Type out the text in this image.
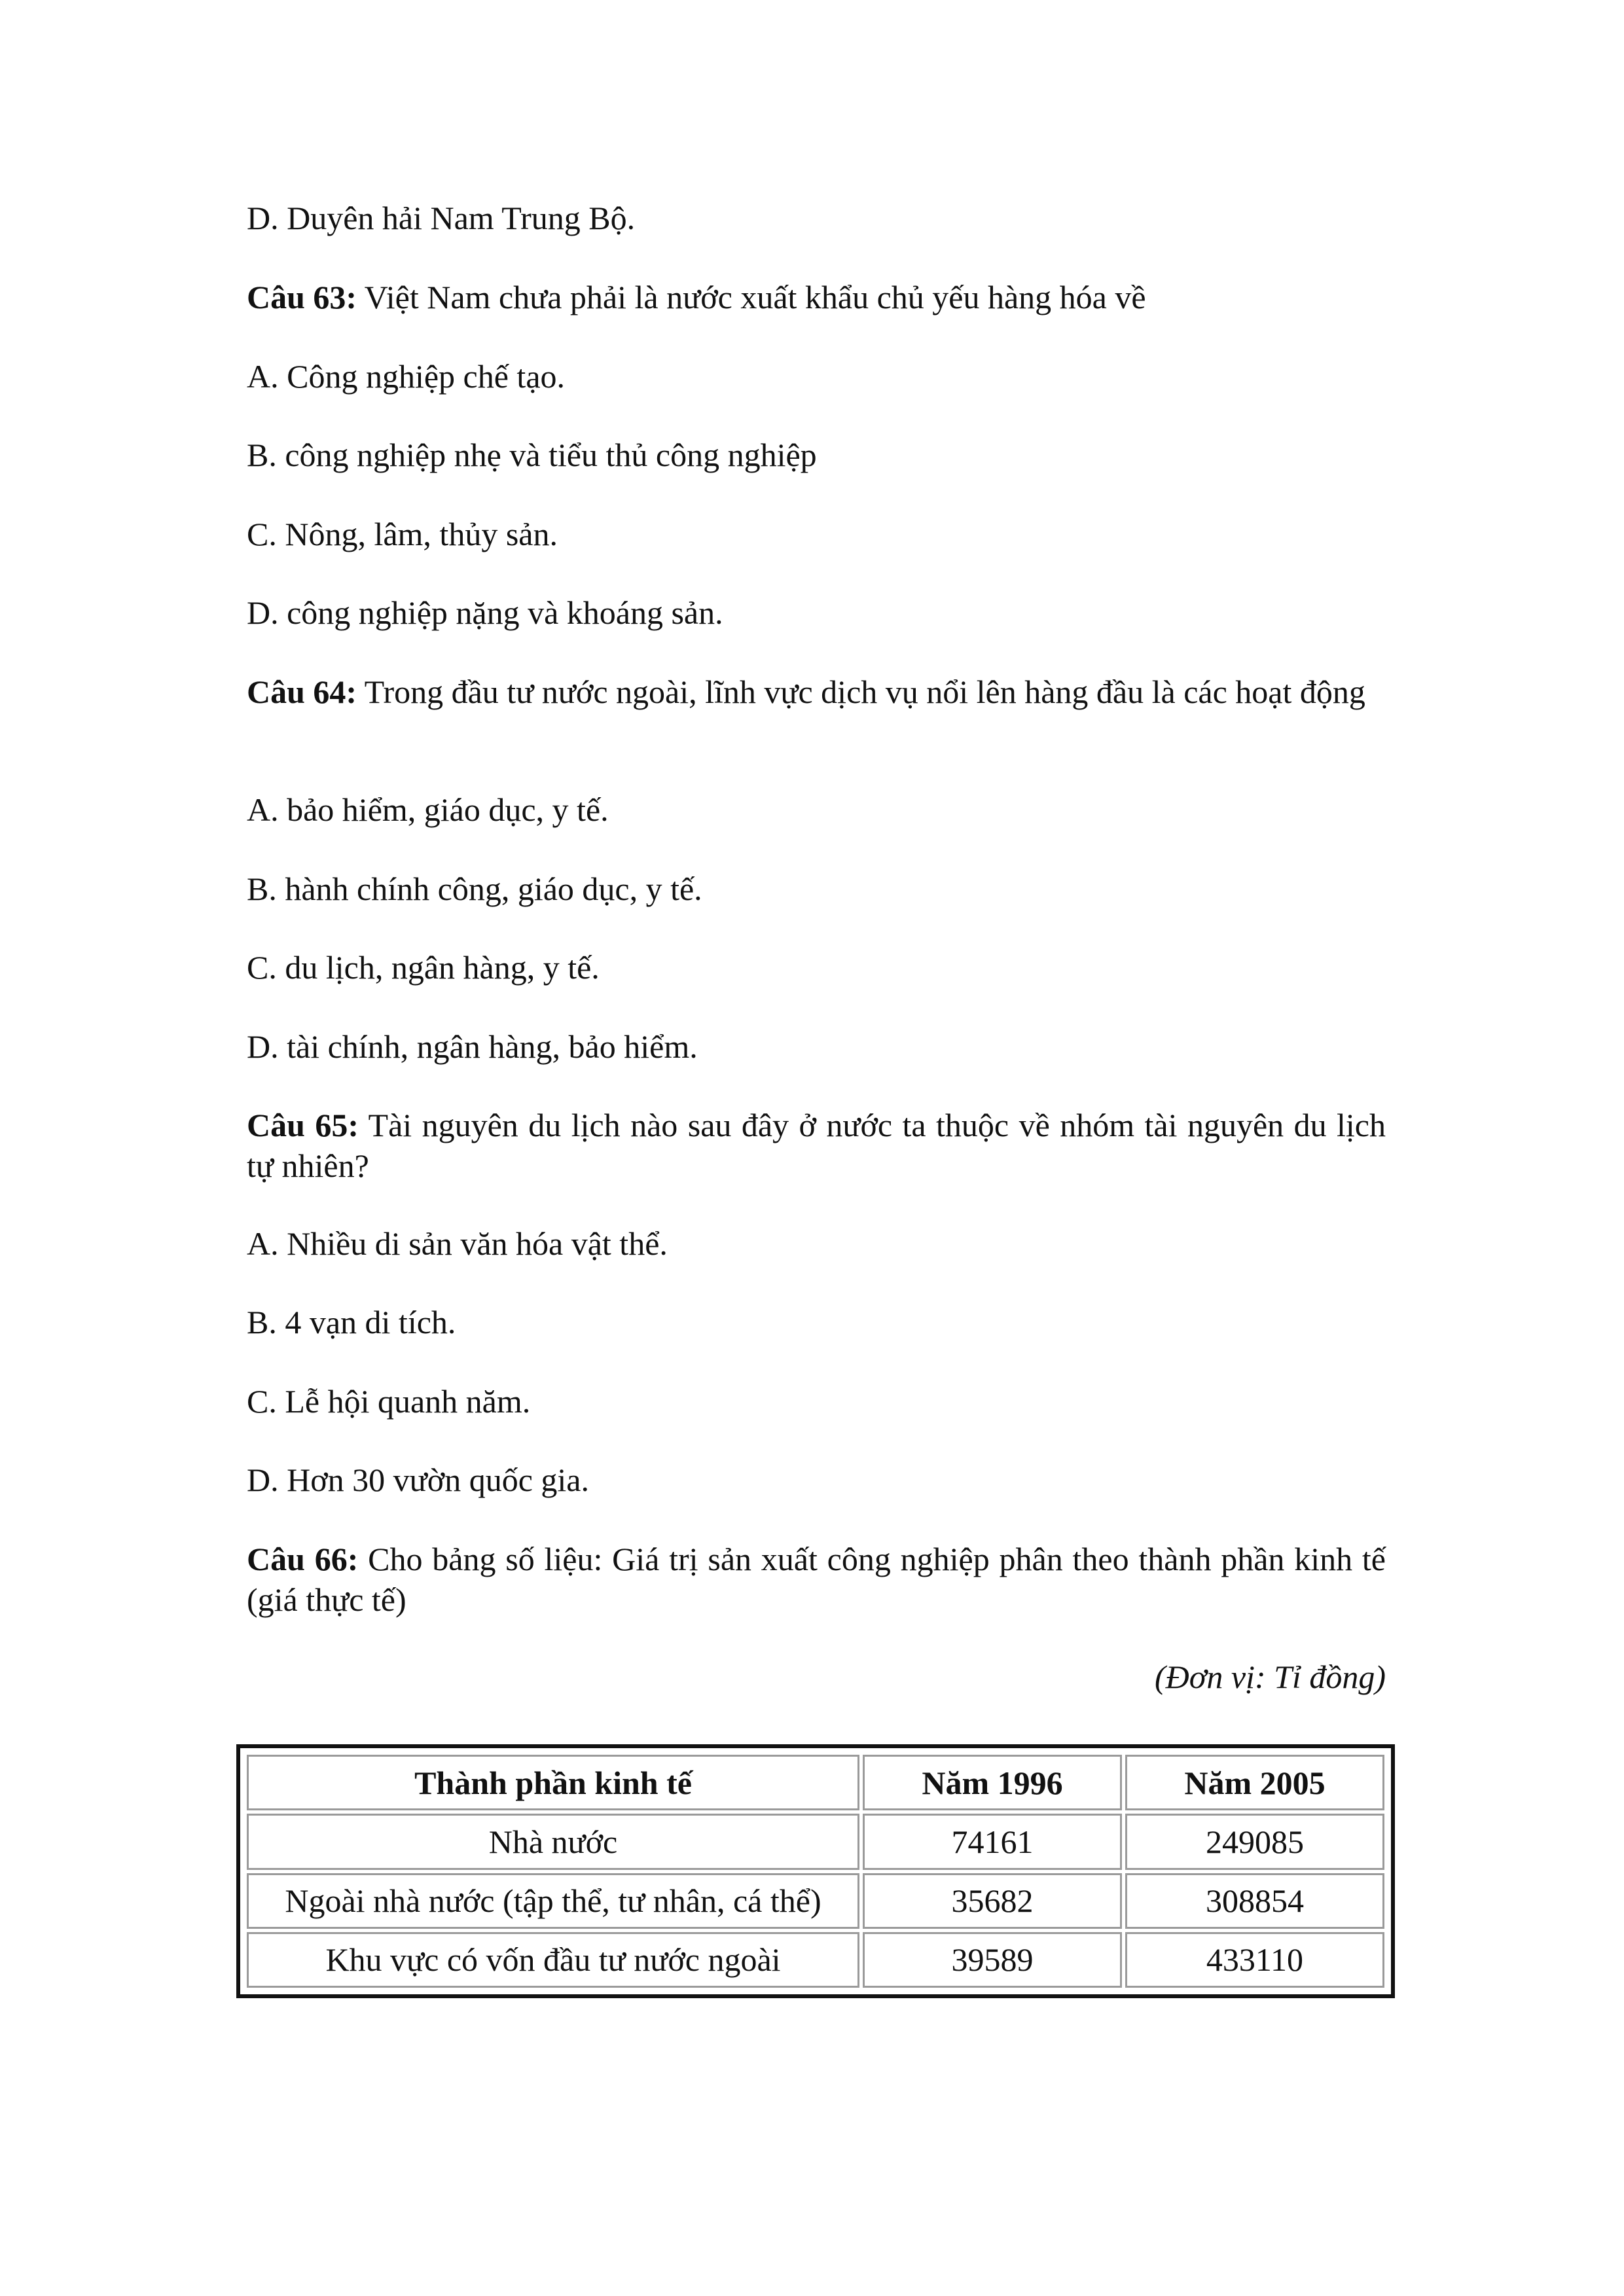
D. Duyên hải Nam Trung Bộ.
Câu 63: Việt Nam chưa phải là nước xuất khẩu chủ yếu hàng hóa về
A. Công nghiệp chế tạo.
B. công nghiệp nhẹ và tiểu thủ công nghiệp
C. Nông, lâm, thủy sản.
D. công nghiệp nặng và khoáng sản.
Câu 64: Trong đầu tư nước ngoài, lĩnh vực dịch vụ nổi lên hàng đầu là các hoạt động
A. bảo hiểm, giáo dục, y tế.
B. hành chính công, giáo dục, y tế.
C. du lịch, ngân hàng, y tế.
D. tài chính, ngân hàng, bảo hiểm.
Câu 65: Tài nguyên du lịch nào sau đây ở nước ta thuộc về nhóm tài nguyên du lịch tự nhiên?
A. Nhiều di sản văn hóa vật thể.
B. 4 vạn di tích.
C. Lễ hội quanh năm.
D. Hơn 30 vườn quốc gia.
Câu 66: Cho bảng số liệu: Giá trị sản xuất công nghiệp phân theo thành phần kinh tế (giá thực tế)
(Đơn vị: Tỉ đồng)
Thành phần kinh tế	Năm 1996	Năm 2005
Nhà nước	74161	249085
Ngoài nhà nước (tập thể, tư nhân, cá thể)	35682	308854
Khu vực có vốn đầu tư nước ngoài	39589	433110
